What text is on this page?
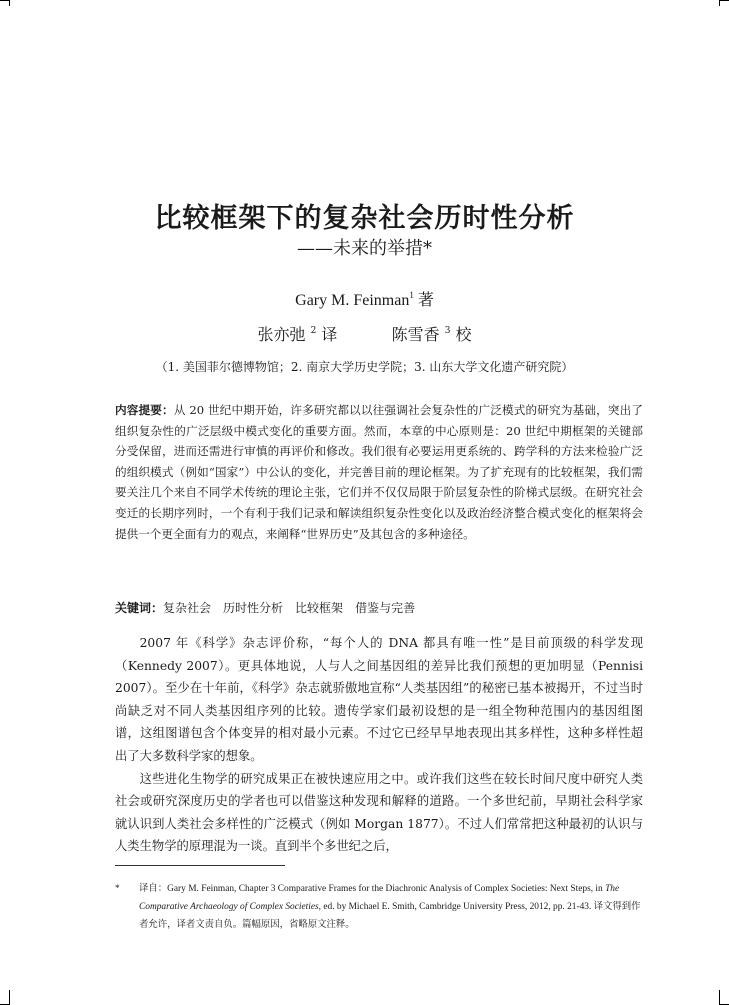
比较框架下的复杂社会历时性分析
——未来的举措*
Gary M. Feinman$^1$ 著
张亦弛 $^2$ 译	陈雪香 $^3$ 校
（1. 美国菲尔德博物馆；2. 南京大学历史学院；3. 山东大学文化遗产研究院）

内容提要：从 20 世纪中期开始，许多研究都以以往强调社会复杂性的广泛模式的研究为基础，突出了组织复杂性的广泛层级中模式变化的重要方面。然而，本章的中心原则是：20 世纪中期框架的关键部分受保留，进而还需进行审慎的再评价和修改。我们很有必要运用更系统的、跨学科的方法来检验广泛的组织模式（例如“国家”）中公认的变化，并完善目前的理论框架。为了扩充现有的比较框架，我们需要关注几个来自不同学术传统的理论主张，它们并不仅仅局限于阶层复杂性的阶梯式层级。在研究社会变迁的长期序列时，一个有利于我们记录和解读组织复杂性变化以及政治经济整合模式变化的框架将会提供一个更全面有力的观点，来阐释“世界历史”及其包含的多种途径。

关键词：复杂社会 历时性分析 比较框架 借鉴与完善

2007 年《科学》杂志评价称，“每个人的 DNA 都具有唯一性”是目前顶级的科学发现（Kennedy 2007）。更具体地说，人与人之间基因组的差异比我们预想的更加明显（Pennisi 2007）。至少在十年前，《科学》杂志就骄傲地宣称“人类基因组”的秘密已基本被揭开，不过当时尚缺乏对不同人类基因组序列的比较。遗传学家们最初设想的是一组全物种范围内的基因组图谱，这组图谱包含个体变异的相对最小元素。不过它已经早早地表现出其多样性，这种多样性超出了大多数科学家的想象。

这些进化生物学的研究成果正在被快速应用之中。或许我们这些在较长时间尺度中研究人类社会或研究深度历史的学者也可以借鉴这种发现和解释的道路。一个多世纪前，早期社会科学家就认识到人类社会多样性的广泛模式（例如 Morgan 1877）。不过人们常常把这种最初的认识与人类生物学的原理混为一谈。直到半个多世纪之后，

* 译自：Gary M. Feinman, Chapter 3 Comparative Frames for the Diachronic Analysis of Complex Societies: Next Steps, in The Comparative Archaeology of Complex Societies, ed. by Michael E. Smith, Cambridge University Press, 2012, pp. 21-43. 译文得到作者允许，译者文责自负。篇幅原因，省略原文注释。
